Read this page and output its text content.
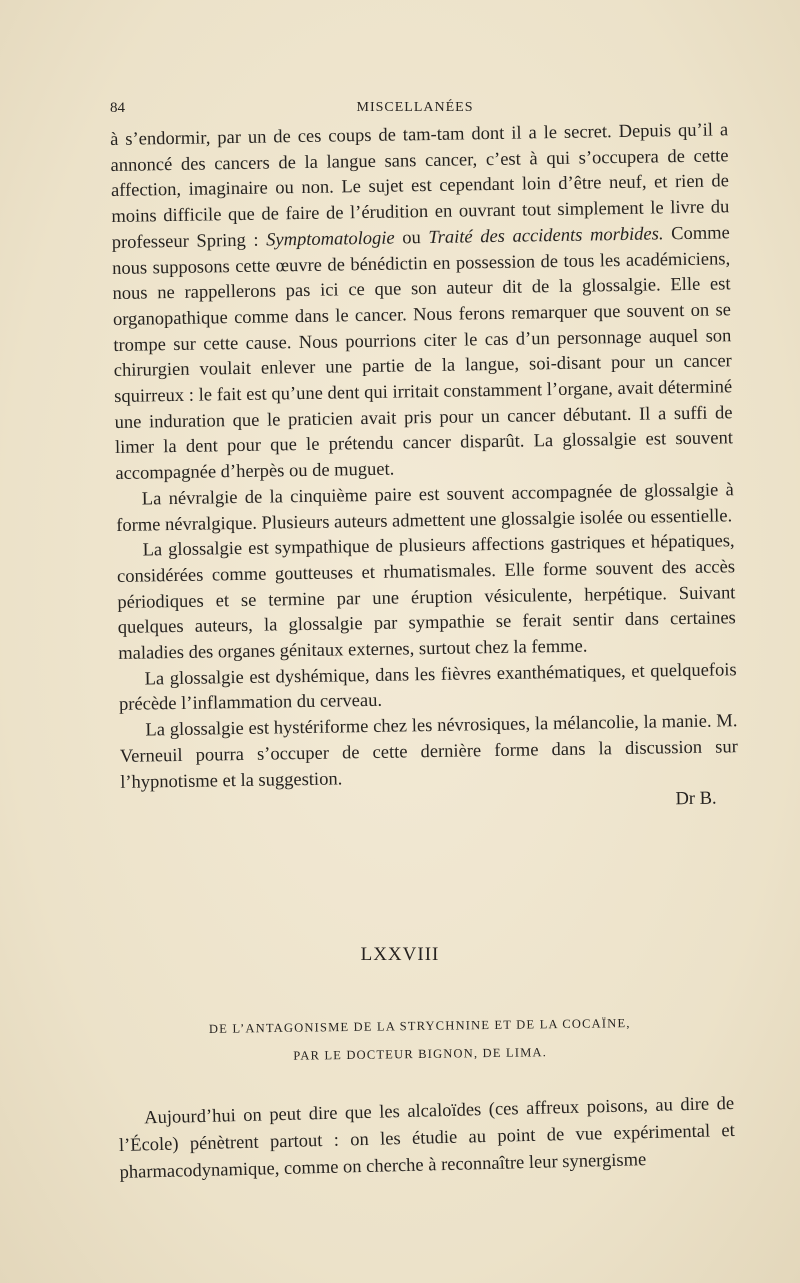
84	MISCELLANÉES

à s’endormir, par un de ces coups de tam-tam dont il a le secret. Depuis qu’il a annoncé des cancers de la langue sans cancer, c’est à qui s’occupera de cette affection, imaginaire ou non. Le sujet est cependant loin d’être neuf, et rien de moins difficile que de faire de l’érudition en ouvrant tout simplement le livre du professeur Spring : Symptomatologie ou Traité des accidents morbides. Comme nous supposons cette œuvre de bénédictin en possession de tous les académiciens, nous ne rappellerons pas ici ce que son auteur dit de la glossalgie. Elle est organopathique comme dans le cancer. Nous ferons remarquer que souvent on se trompe sur cette cause. Nous pourrions citer le cas d’un personnage auquel son chirurgien voulait enlever une partie de la langue, soi-disant pour un cancer squirreux : le fait est qu’une dent qui irritait constamment l’organe, avait déterminé une induration que le praticien avait pris pour un cancer débutant. Il a suffi de limer la dent pour que le prétendu cancer disparût. La glossalgie est souvent accompagnée d’herpès ou de muguet.

La névralgie de la cinquième paire est souvent accompagnée de glossalgie à forme névralgique. Plusieurs auteurs admettent une glossalgie isolée ou essentielle.

La glossalgie est sympathique de plusieurs affections gastriques et hépatiques, considérées comme goutteuses et rhumatismales. Elle forme souvent des accès périodiques et se termine par une éruption vésiculente, herpétique. Suivant quelques auteurs, la glossalgie par sympathie se ferait sentir dans certaines maladies des organes génitaux externes, surtout chez la femme.

La glossalgie est dyshémique, dans les fièvres exanthématiques, et quelquefois précède l’inflammation du cerveau.

La glossalgie est hystériforme chez les névrosiques, la mélancolie, la manie. M. Verneuil pourra s’occuper de cette dernière forme dans la discussion sur l’hypnotisme et la suggestion.

Dr B.

LXXVIII
DE L’ANTAGONISME DE LA STRYCHNINE ET DE LA COCAÏNE,
PAR LE DOCTEUR BIGNON, DE LIMA.

Aujourd’hui on peut dire que les alcaloïdes (ces affreux poisons, au dire de l’École) pénètrent partout : on les étudie au point de vue expérimental et pharmacodynamique, comme on cherche à reconnaître leur synergisme
